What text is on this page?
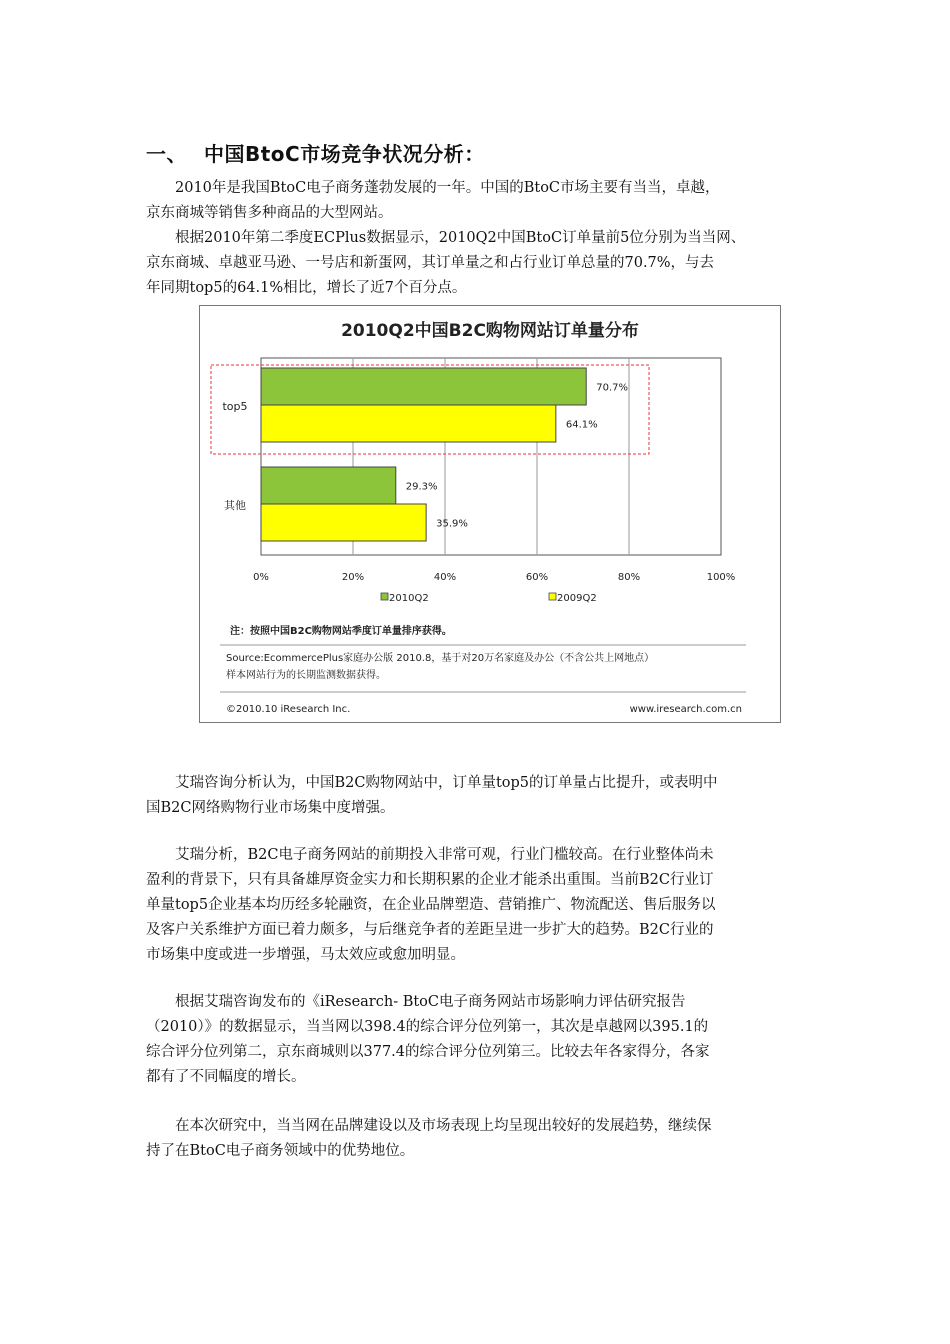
一、 中国BtoC市场竞争状况分析：

2010年是我国BtoC电子商务蓬勃发展的一年。中国的BtoC市场主要有当当，卓越，
京东商城等销售多种商品的大型网站。

根据2010年第二季度ECPlus数据显示，2010Q2中国BtoC订单量前5位分别为当当网、
京东商城、卓越亚马逊、一号店和新蛋网，其订单量之和占行业订单总量的70.7%，与去
年同期top5的64.1%相比，增长了近7个百分点。

2010Q2中国B2C购物网站订单量分布
70.7%
64.1%
29.3%
35.9%
top5
其他
0%	20%	40%	60%	80%	100%
2010Q2	2009Q2
注：按照中国B2C购物网站季度订单量排序获得。
Source:EcommercePlus家庭办公版 2010.8，基于对20万名家庭及办公（不含公共上网地点）
样本网站行为的长期监测数据获得。
©2010.10 iResearch Inc.	www.iresearch.com.cn

艾瑞咨询分析认为，中国B2C购物网站中，订单量top5的订单量占比提升，或表明中
国B2C网络购物行业市场集中度增强。

艾瑞分析，B2C电子商务网站的前期投入非常可观，行业门槛较高。在行业整体尚未
盈利的背景下，只有具备雄厚资金实力和长期积累的企业才能杀出重围。当前B2C行业订
单量top5企业基本均历经多轮融资，在企业品牌塑造、营销推广、物流配送、售后服务以
及客户关系维护方面已着力颇多，与后继竞争者的差距呈进一步扩大的趋势。B2C行业的
市场集中度或进一步增强，马太效应或愈加明显。

根据艾瑞咨询发布的《iResearch- BtoC电子商务网站市场影响力评估研究报告
（2010）》的数据显示，当当网以398.4的综合评分位列第一，其次是卓越网以395.1的
综合评分位列第二，京东商城则以377.4的综合评分位列第三。比较去年各家得分，各家
都有了不同幅度的增长。

在本次研究中，当当网在品牌建设以及市场表现上均呈现出较好的发展趋势，继续保
持了在BtoC电子商务领域中的优势地位。
